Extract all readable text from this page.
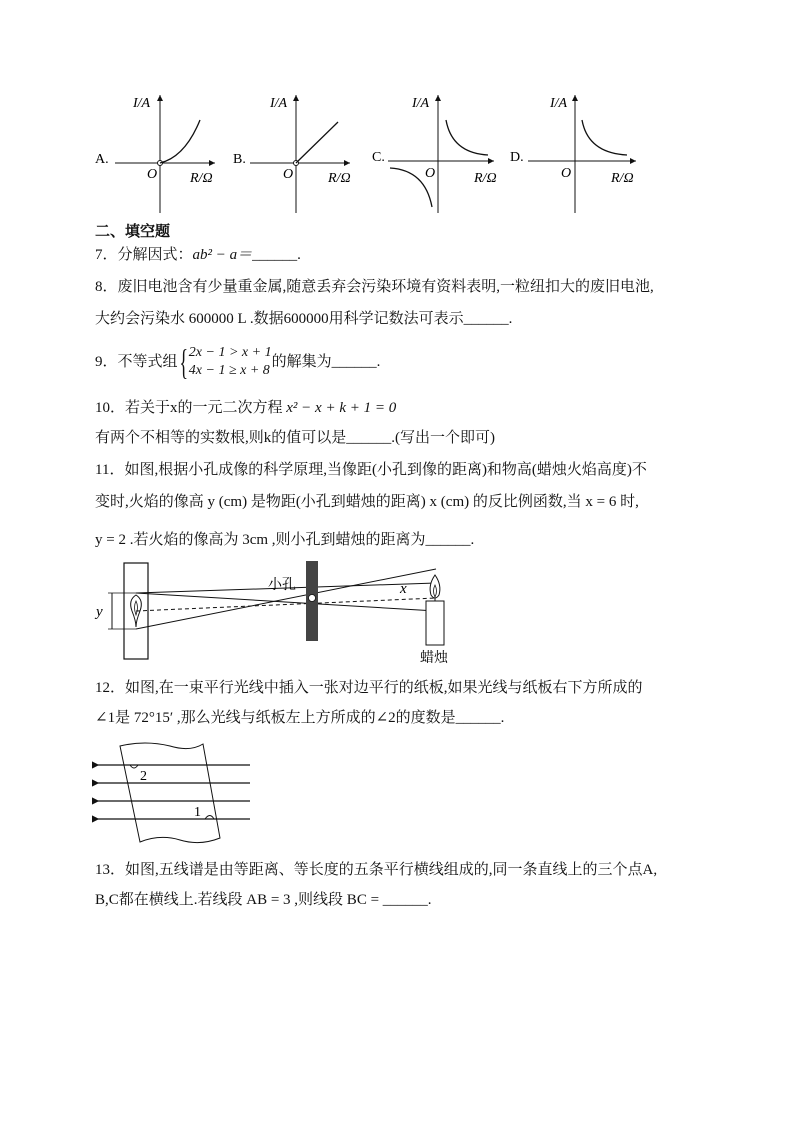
A.
I/A
R/Ω
O
B.
I/A
R/Ω
O
C.
I/A
R/Ω
O
D.
I/A
R/Ω
O
二、填空题
7．分解因式：ab² − a＝______.
8．废旧电池含有少量重金属,随意丢弃会污染环境有资料表明,一粒纽扣大的废旧电池,
大约会污染水 600000 L .数据600000用科学记数法可表示______.
9．不等式组 { 2x − 1 > x + 1
4x − 1 ≥ x + 8
的解集为______.
10．若关于x的一元二次方程 x² − x + k + 1 = 0
有两个不相等的实数根,则k的值可以是______.(写出一个即可)
11．如图,根据小孔成像的科学原理,当像距(小孔到像的距离)和物高(蜡烛火焰高度)不
变时,火焰的像高 y (cm) 是物距(小孔到蜡烛的距离) x (cm) 的反比例函数,当 x = 6 时,
y = 2 .若火焰的像高为 3cm ,则小孔到蜡烛的距离为______.
y
小孔	x
蜡烛
12．如图,在一束平行光线中插入一张对边平行的纸板,如果光线与纸板右下方所成的
∠1是 72°15′ ,那么光线与纸板左上方所成的∠2的度数是______.
2
1
13．如图,五线谱是由等距离、等长度的五条平行横线组成的,同一条直线上的三个点A,
B,C都在横线上.若线段 AB = 3 ,则线段 BC = ______.
